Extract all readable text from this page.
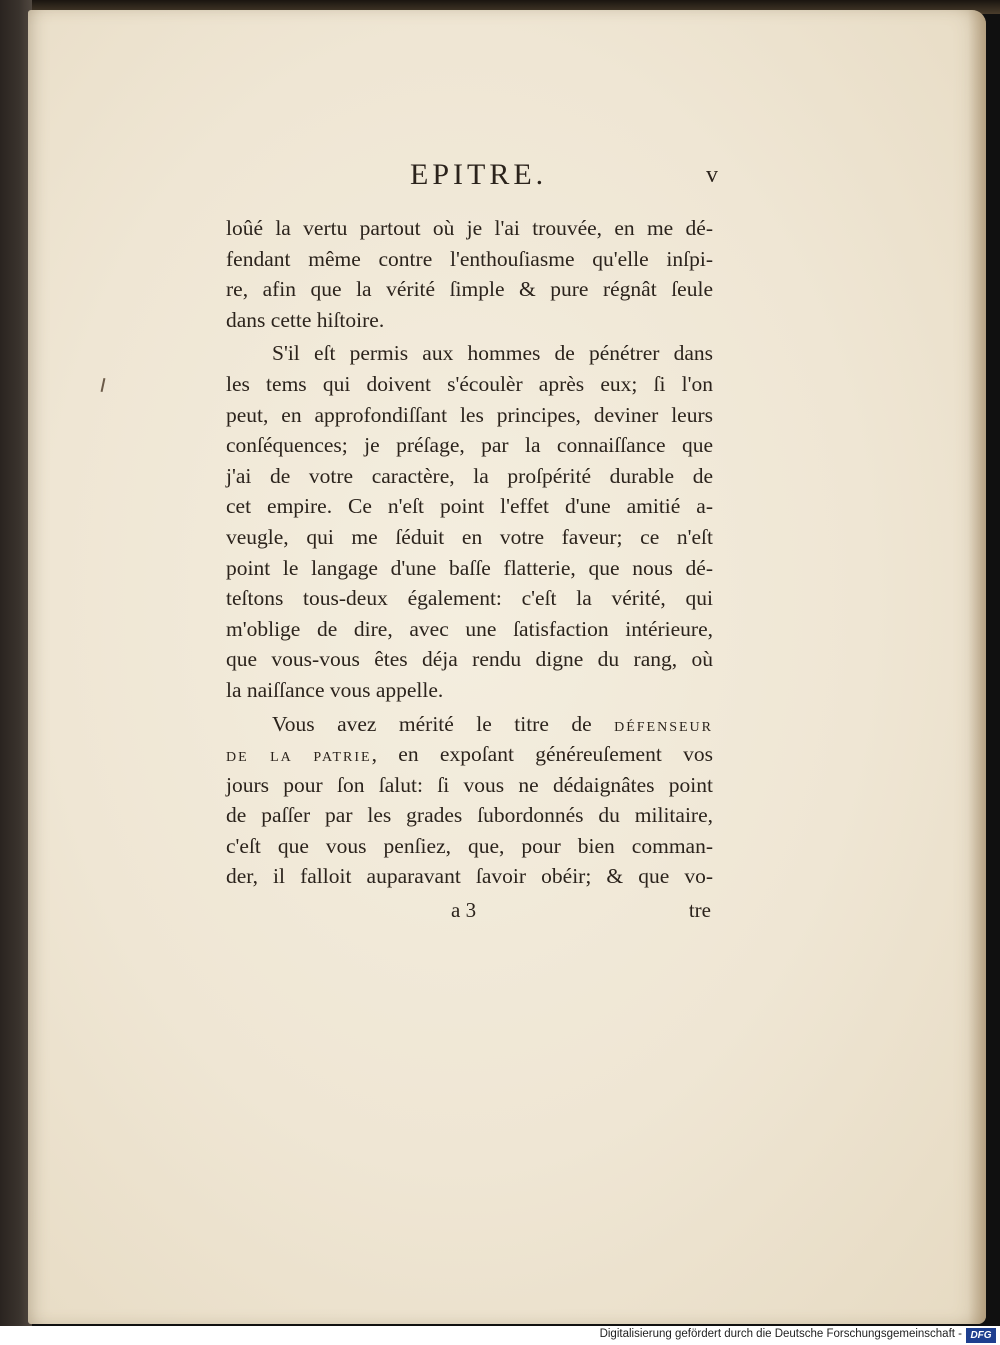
EPITRE.	v
loûé la vertu partout où je l'ai trouvée, en me dé-
fendant même contre l'enthouſiasme qu'elle inſpi-
re, afin que la vérité ſimple & pure régnât ſeule
dans cette hiſtoire.
S'il eſt permis aux hommes de pénétrer dans
les tems qui doivent s'écoulèr après eux; ſi l'on
peut, en approfondiſſant les principes, deviner leurs
conſéquences; je préſage, par la connaiſſance que
j'ai de votre caractère, la proſpérité durable de
cet empire. Ce n'eſt point l'effet d'une amitié a-
veugle, qui me ſéduit en votre faveur; ce n'eſt
point le langage d'une baſſe flatterie, que nous dé-
teſtons tous-deux également: c'eſt la vérité, qui
m'oblige de dire, avec une ſatisfaction intérieure,
que vous-vous êtes déja rendu digne du rang, où
la naiſſance vous appelle.
Vous avez mérité le titre de DÉFENSEUR
DE LA PATRIE, en expoſant généreuſement vos
jours pour ſon ſalut: ſi vous ne dédaignâtes point
de paſſer par les grades ſubordonnés du militaire,
c'eſt que vous penſiez, que, pour bien comman-
der, il falloit auparavant ſavoir obéir; & que vo-
a 3	tre
Digitalisierung gefördert durch die Deutsche Forschungsgemeinschaft - DFG
